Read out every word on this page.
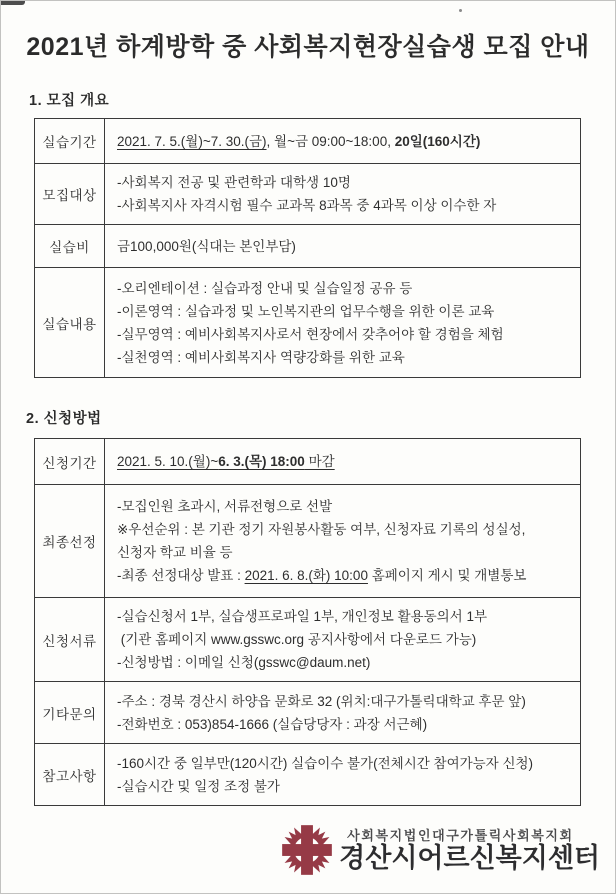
2021년 하계방학 중 사회복지현장실습생 모집 안내
1. 모집 개요
실습기간	2021. 7. 5.(월)~7. 30.(금), 월~금 09:00~18:00, 20일(160시간)

모집대상	-사회복지 전공 및 관련학과 대학생 10명
-사회복지사 자격시험 필수 교과목 8과목 중 4과목 이상 이수한 자

실습비	금100,000원(식대는 본인부담)

실습내용	-오리엔테이션 : 실습과정 안내 및 실습일정 공유 등
-이론영역 : 실습과정 및 노인복지관의 업무수행을 위한 이론 교육
-실무영역 : 예비사회복지사로서 현장에서 갖추어야 할 경험을 체험
-실천영역 : 예비사회복지사 역량강화를 위한 교육
2. 신청방법
신청기간	2021. 5. 10.(월)~6. 3.(목) 18:00 마감

최종선정	-모집인원 초과시, 서류전형으로 선발
※우선순위 : 본 기관 정기 자원봉사활동 여부, 신청자료 기록의 성실성,
신청자 학교 비율 등
-최종 선정대상 발표 : 2021. 6. 8.(화) 10:00 홈페이지 게시 및 개별통보

신청서류	-실습신청서 1부, 실습생프로파일 1부, 개인정보 활용동의서 1부
(기관 홈페이지 www.gsswc.org 공지사항에서 다운로드 가능)
-신청방법 : 이메일 신청(gsswc@daum.net)

기타문의	-주소 : 경북 경산시 하양읍 문화로 32 (위치:대구가톨릭대학교 후문 앞)
-전화번호 : 053)854-1666 (실습당당자 : 과장 서근혜)

참고사항	-160시간 중 일부만(120시간) 실습이수 불가(전체시간 참여가능자 신청)
-실습시간 및 일정 조정 불가
사회복지법인대구가톨릭사회복지회
경산시어르신복지센터
